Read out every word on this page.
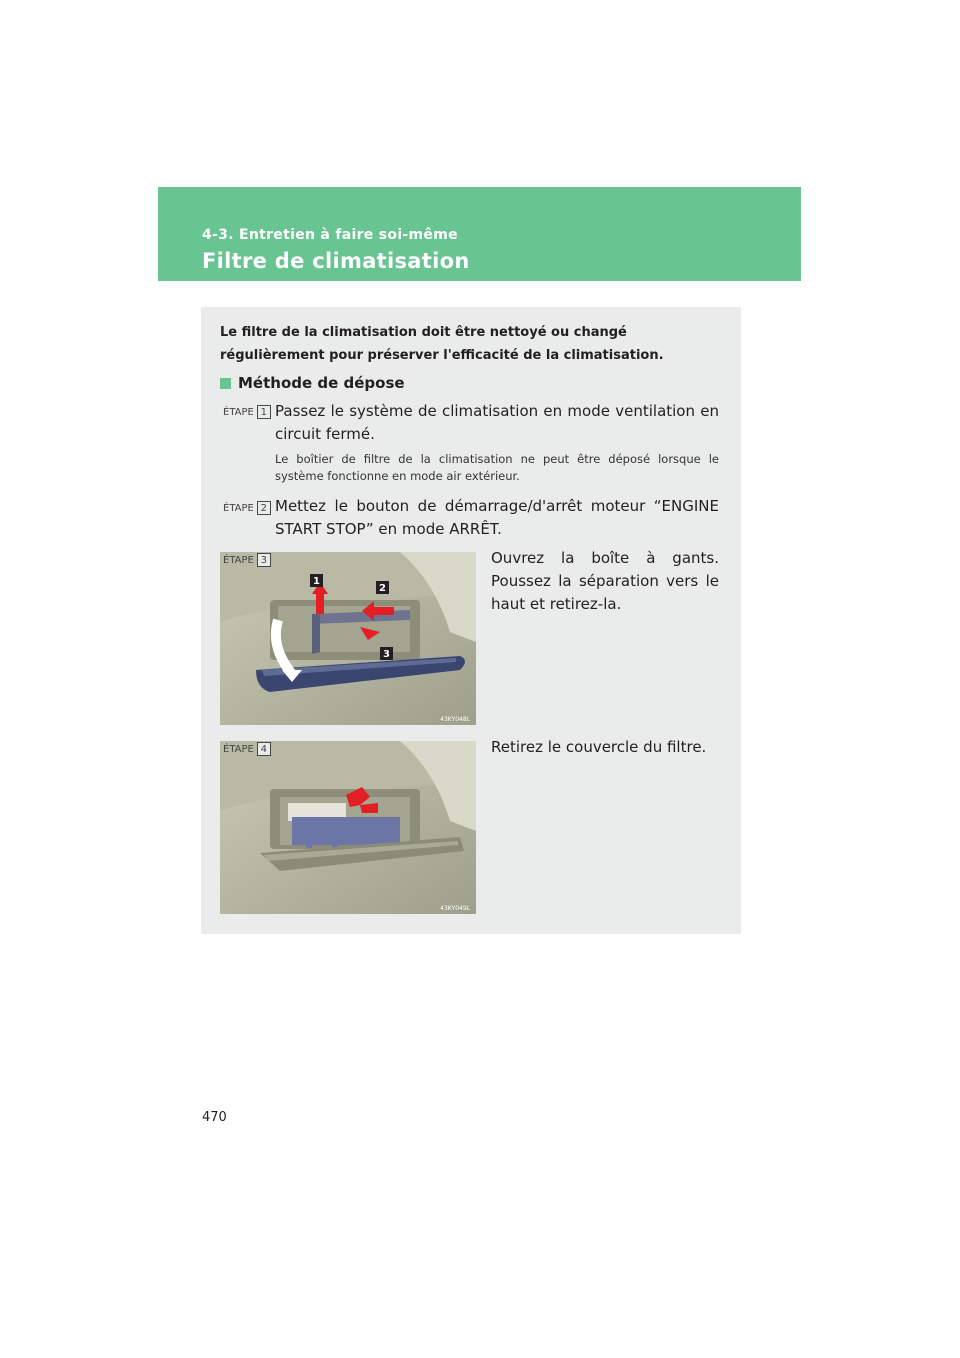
4-3. Entretien à faire soi-même
Filtre de climatisation
Le filtre de la climatisation doit être nettoyé ou changé régulièrement pour préserver l'efficacité de la climatisation.
Méthode de dépose
ÉTAPE 1 Passez le système de climatisation en mode ventilation en circuit fermé.
Le boîtier de filtre de la climatisation ne peut être déposé lorsque le système fonctionne en mode air extérieur.
ÉTAPE 2 Mettez le bouton de démarrage/d'arrêt moteur “ENGINE START STOP” en mode ARRÊT.
1
2
3
43KY048L
ÉTAPE 3	Ouvrez la boîte à gants. Poussez la séparation vers le haut et retirez-la.
43KY049L
ÉTAPE 4	Retirez le couvercle du filtre.
470
